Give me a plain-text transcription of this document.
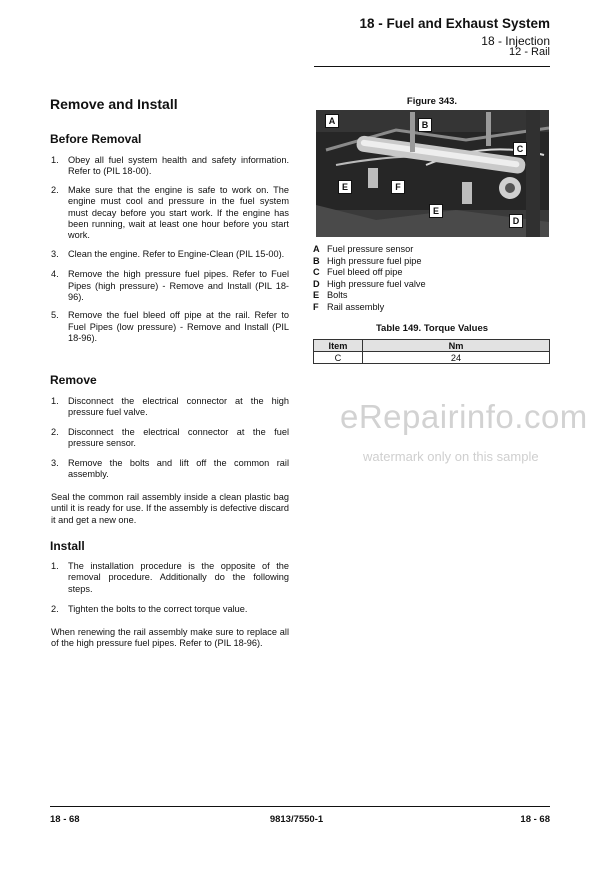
18 - Fuel and Exhaust System
18 - Injection
12 - Rail
Remove and Install
Before Removal
1. Obey all fuel system health and safety information. Refer to (PIL 18-00).
2. Make sure that the engine is safe to work on. The engine must cool and pressure in the fuel system must decay before you start work. If the engine has been running, wait at least one hour before you start work.
3. Clean the engine. Refer to Engine-Clean (PIL 15-00).
4. Remove the high pressure fuel pipes. Refer to Fuel Pipes (high pressure) - Remove and Install (PIL 18-96).
5. Remove the fuel bleed off pipe at the rail. Refer to Fuel Pipes (low pressure) - Remove and Install (PIL 18-96).
Remove
1. Disconnect the electrical connector at the high pressure fuel valve.
2. Disconnect the electrical connector at the fuel pressure sensor.
3. Remove the bolts and lift off the common rail assembly.
Seal the common rail assembly inside a clean plastic bag until it is ready for use. If the assembly is defective discard it and get a new one.
Install
1. The installation procedure is the opposite of the removal procedure. Additionally do the following steps.
2. Tighten the bolts to the correct torque value.
When renewing the rail assembly make sure to replace all of the high pressure fuel pipes. Refer to (PIL 18-96).
Figure 343.
A	B
C
E	F
E
D
A Fuel pressure sensor
B High pressure fuel pipe
C Fuel bleed off pipe
D High pressure fuel valve
E Bolts
F Rail assembly
Table 149. Torque Values
Item	Nm
C	24
eRepairinfo.com
watermark only on this sample
18 - 68	9813/7550-1	18 - 68
